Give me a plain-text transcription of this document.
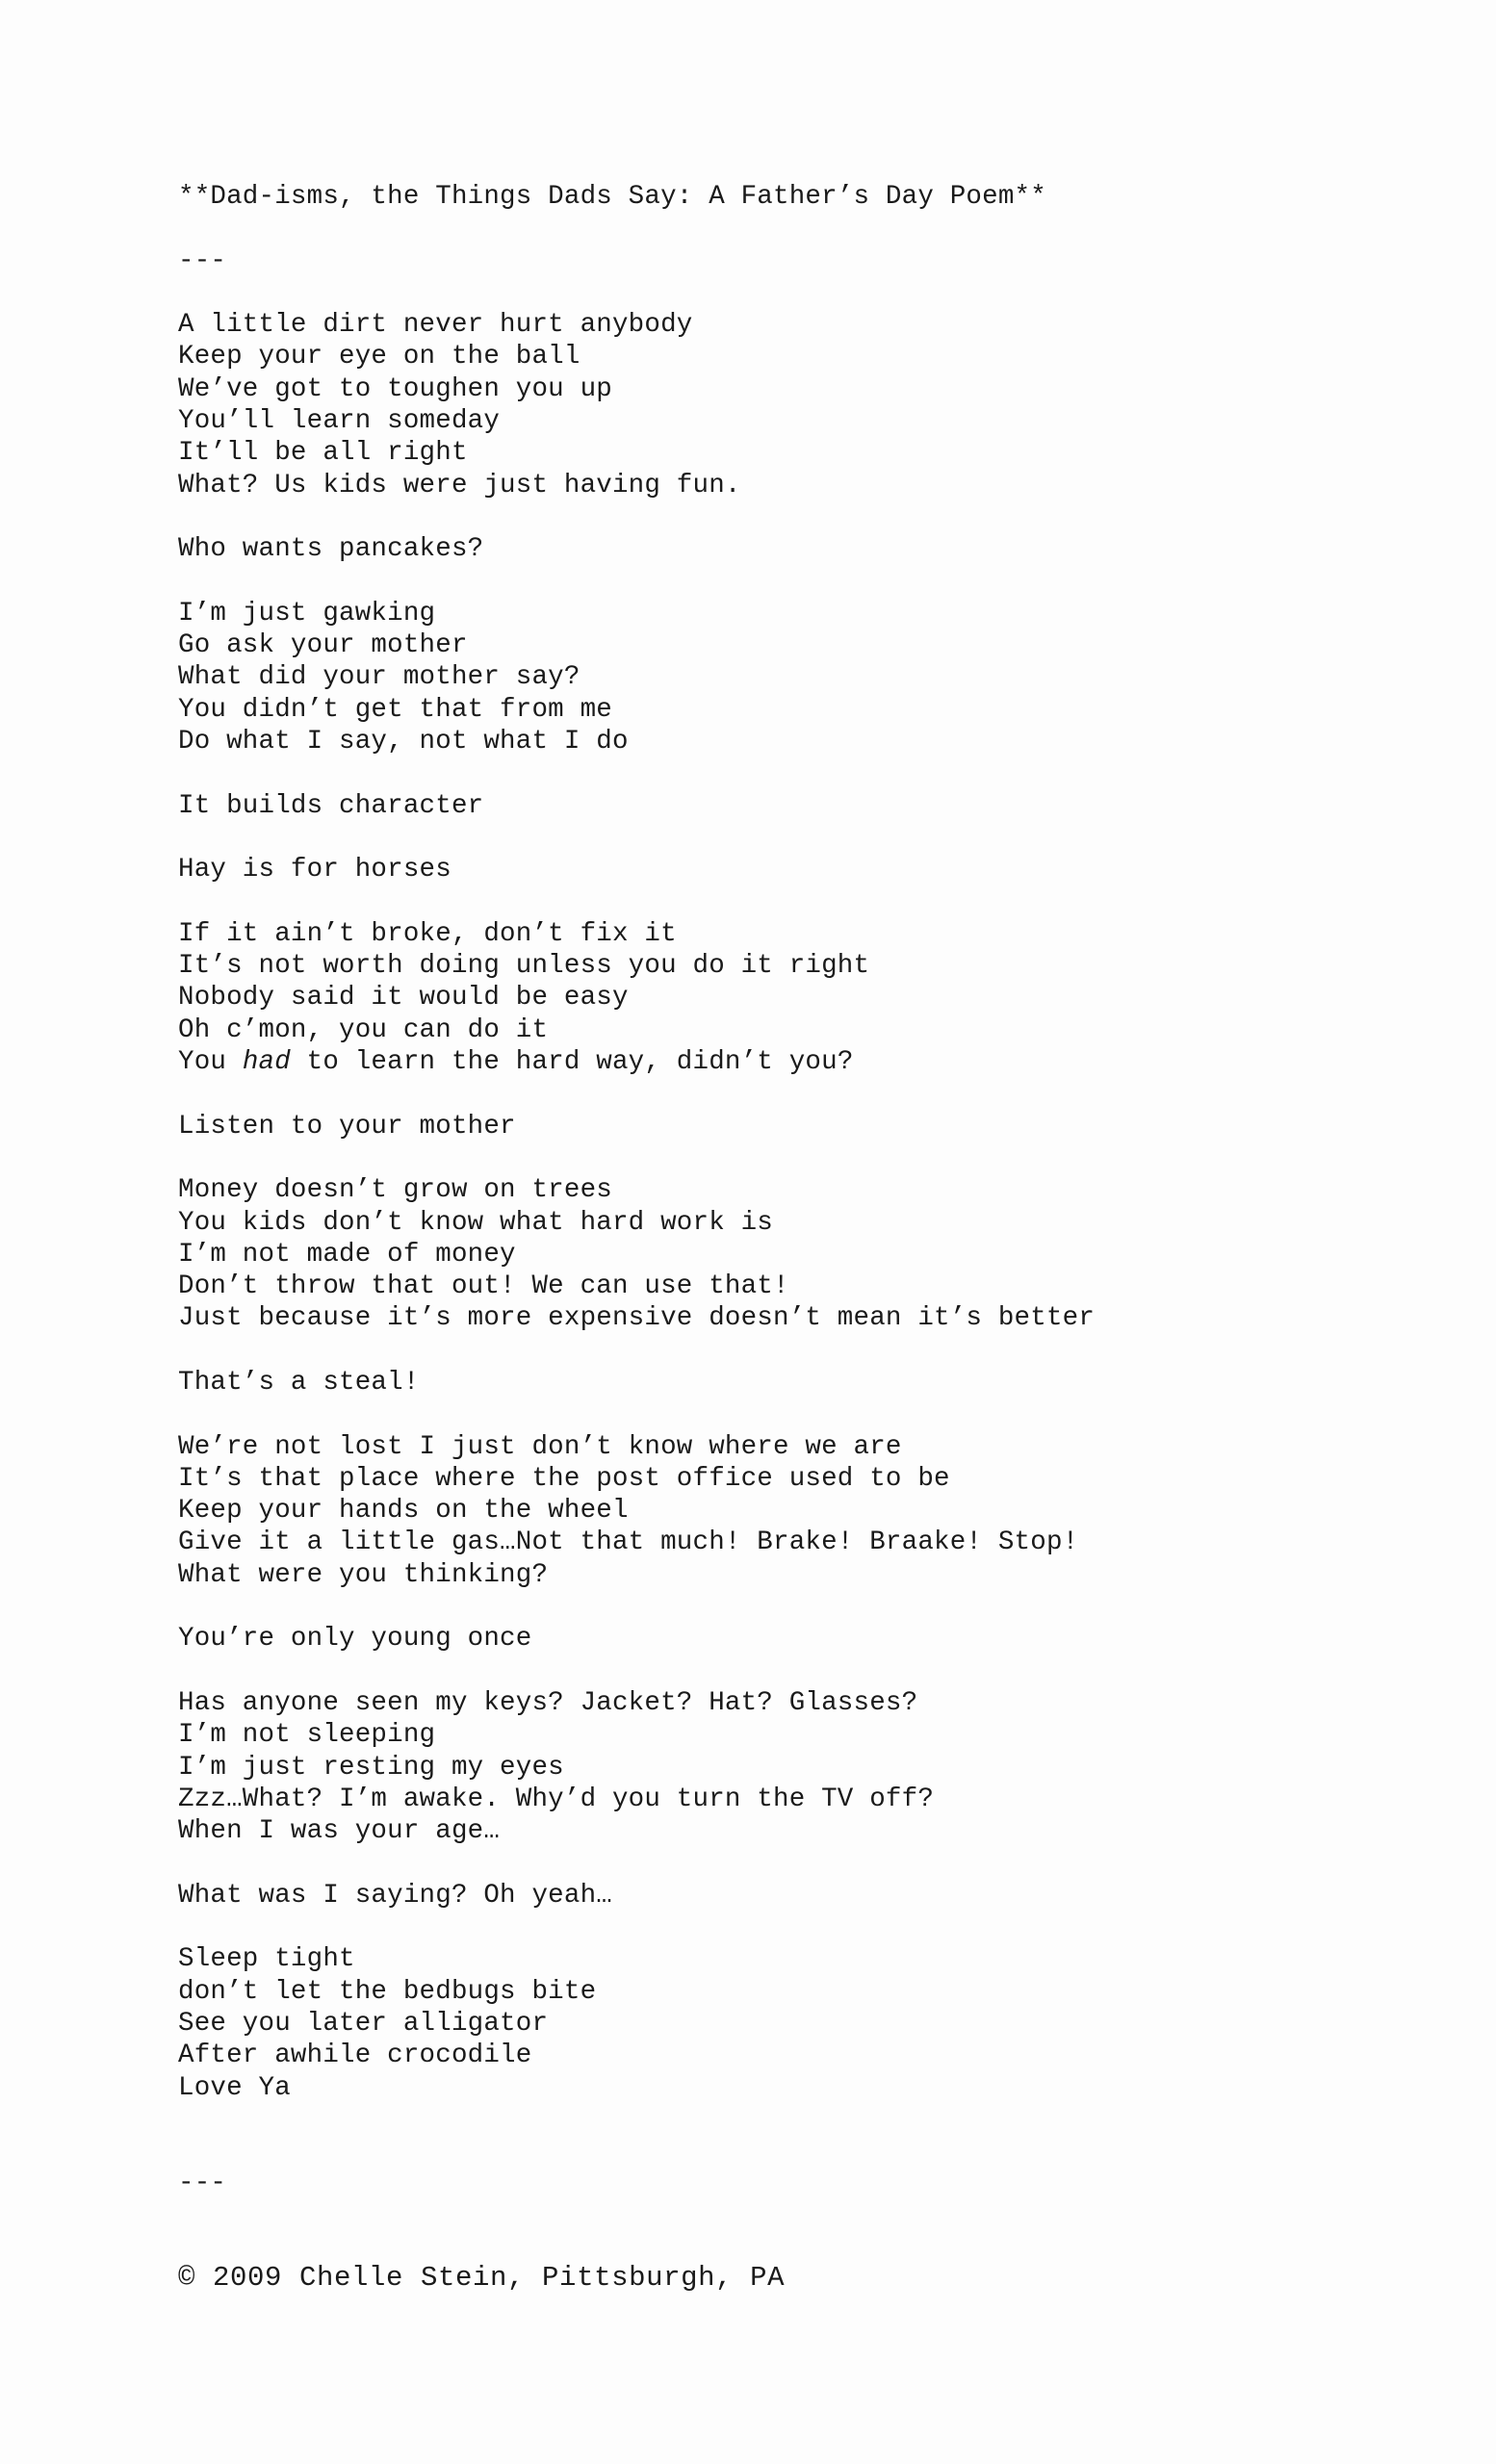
**Dad-isms, the Things Dads Say: A Father’s Day Poem**
---
A little dirt never hurt anybody
Keep your eye on the ball
We’ve got to toughen you up
You’ll learn someday
It’ll be all right
What? Us kids were just having fun.
Who wants pancakes?
I’m just gawking
Go ask your mother
What did your mother say?
You didn’t get that from me
Do what I say, not what I do
It builds character
Hay is for horses
If it ain’t broke, don’t fix it
It’s not worth doing unless you do it right
Nobody said it would be easy
Oh c’mon, you can do it
You had to learn the hard way, didn’t you?
Listen to your mother
Money doesn’t grow on trees
You kids don’t know what hard work is
I’m not made of money
Don’t throw that out! We can use that!
Just because it’s more expensive doesn’t mean it’s better
That’s a steal!
We’re not lost I just don’t know where we are
It’s that place where the post office used to be
Keep your hands on the wheel
Give it a little gas…Not that much! Brake! Braake! Stop!
What were you thinking?
You’re only young once
Has anyone seen my keys? Jacket? Hat? Glasses?
I’m not sleeping
I’m just resting my eyes
Zzz…What? I’m awake. Why’d you turn the TV off?
When I was your age…
What was I saying? Oh yeah…
Sleep tight
don’t let the bedbugs bite
See you later alligator
After awhile crocodile
Love Ya
---
© 2009 Chelle Stein, Pittsburgh, PA
